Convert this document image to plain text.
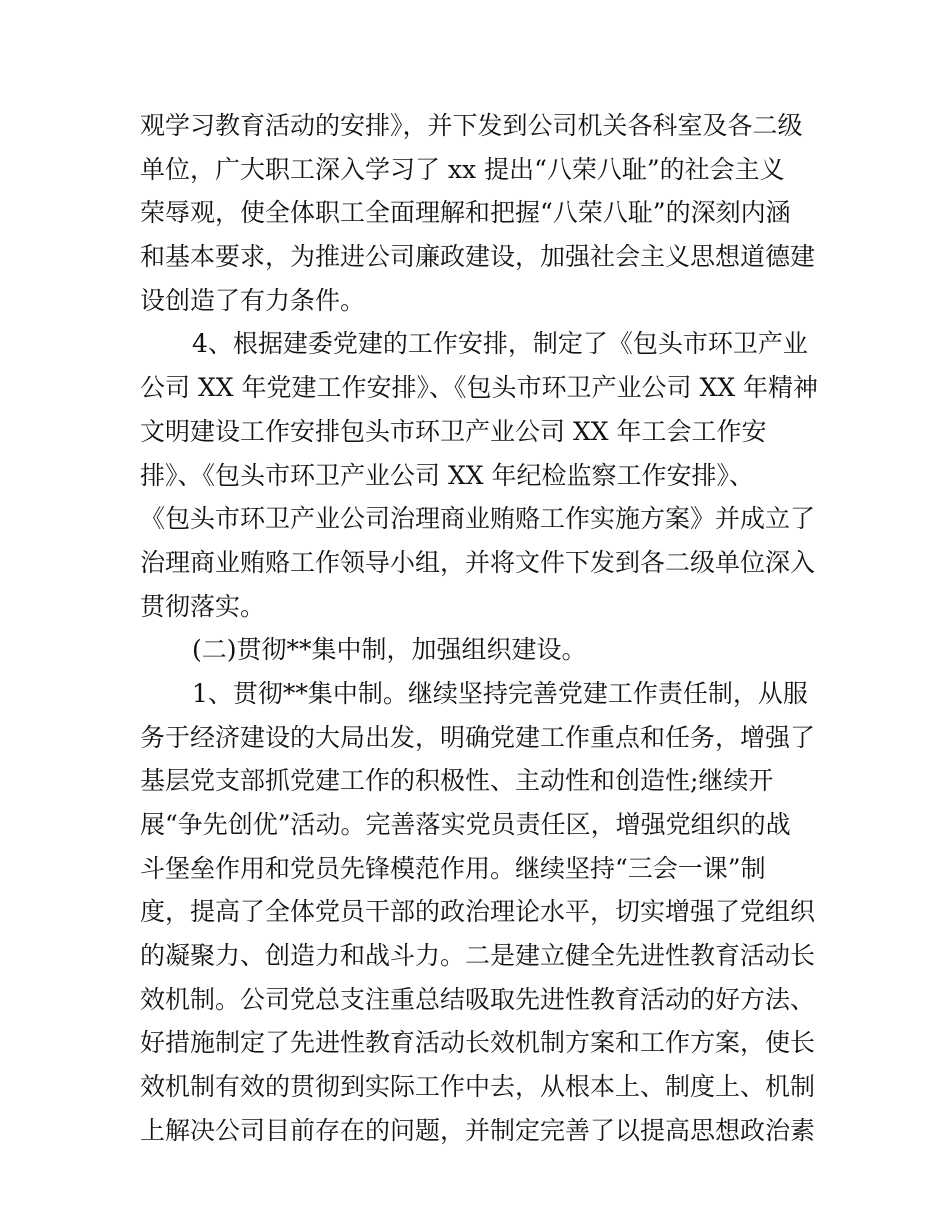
观学习教育活动的安排》，并下发到公司机关各科室及各二级
单位，广大职工深入学习了 xx 提出“八荣八耻”的社会主义
荣辱观，使全体职工全面理解和把握“八荣八耻”的深刻内涵
和基本要求，为推进公司廉政建设，加强社会主义思想道德建
设创造了有力条件。
4、根据建委党建的工作安排，制定了《包头市环卫产业
公司 XX 年党建工作安排》、《包头市环卫产业公司 XX 年精神
文明建设工作安排包头市环卫产业公司 XX 年工会工作安
排》、《包头市环卫产业公司 XX 年纪检监察工作安排》、
《包头市环卫产业公司治理商业贿赂工作实施方案》并成立了
治理商业贿赂工作领导小组，并将文件下发到各二级单位深入
贯彻落实。
(二)贯彻**集中制，加强组织建设。
1、贯彻**集中制。继续坚持完善党建工作责任制，从服
务于经济建设的大局出发，明确党建工作重点和任务，增强了
基层党支部抓党建工作的积极性、主动性和创造性;继续开
展“争先创优”活动。完善落实党员责任区，增强党组织的战
斗堡垒作用和党员先锋模范作用。继续坚持“三会一课”制
度，提高了全体党员干部的政治理论水平，切实增强了党组织
的凝聚力、创造力和战斗力。二是建立健全先进性教育活动长
效机制。公司党总支注重总结吸取先进性教育活动的好方法、
好措施制定了先进性教育活动长效机制方案和工作方案，使长
效机制有效的贯彻到实际工作中去，从根本上、制度上、机制
上解决公司目前存在的问题，并制定完善了以提高思想政治素
